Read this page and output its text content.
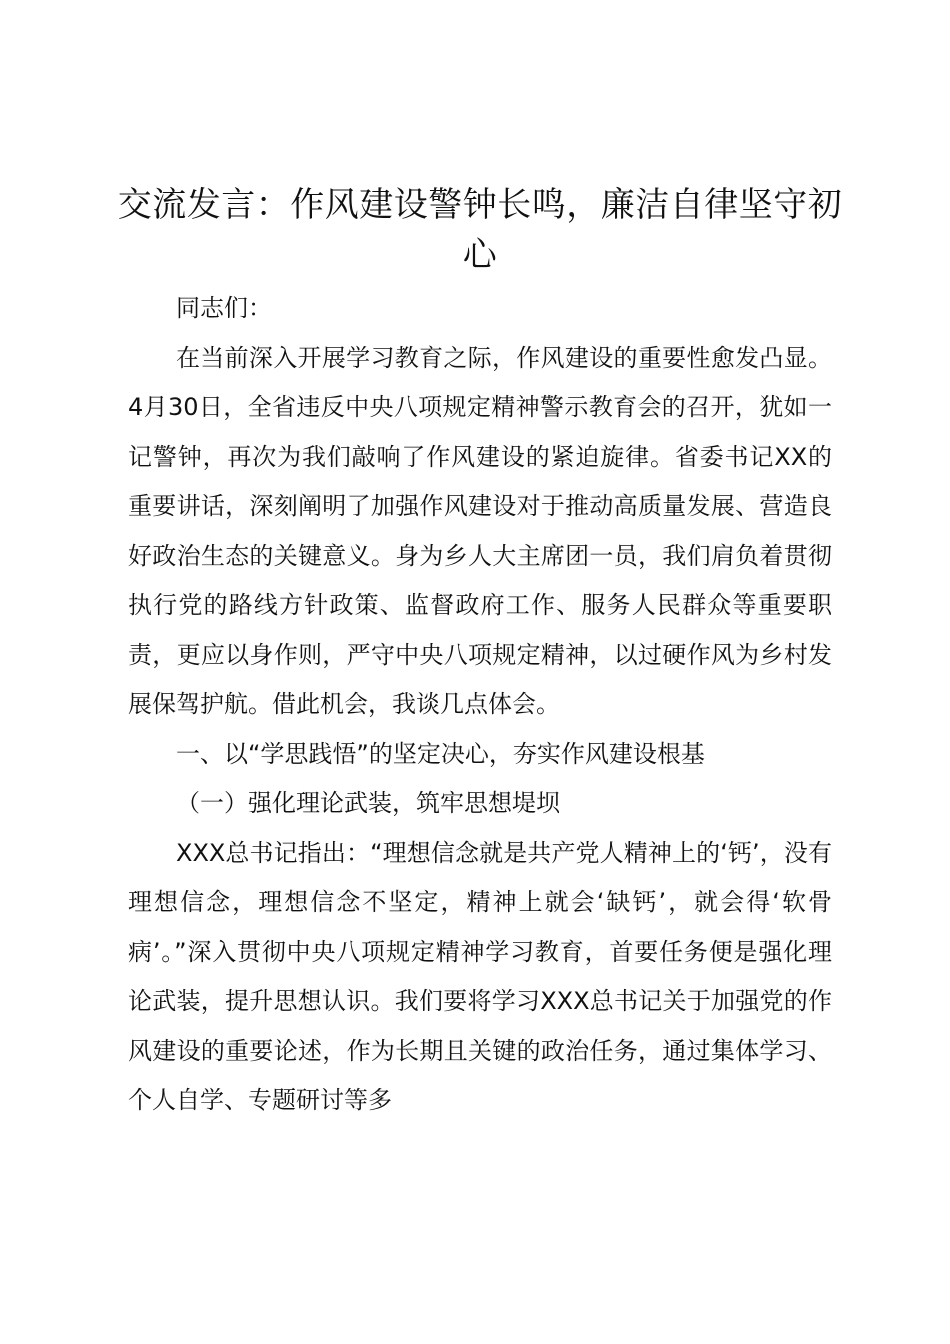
交流发言：作风建设警钟长鸣，廉洁自律坚守初心

同志们：

在当前深入开展学习教育之际，作风建设的重要性愈发凸显。4月30日，全省违反中央八项规定精神警示教育会的召开，犹如一记警钟，再次为我们敲响了作风建设的紧迫旋律。省委书记XX的重要讲话，深刻阐明了加强作风建设对于推动高质量发展、营造良好政治生态的关键意义。身为乡人大主席团一员，我们肩负着贯彻执行党的路线方针政策、监督政府工作、服务人民群众等重要职责，更应以身作则，严守中央八项规定精神，以过硬作风为乡村发展保驾护航。借此机会，我谈几点体会。

一、以“学思践悟”的坚定决心，夯实作风建设根基

（一）强化理论武装，筑牢思想堤坝

XXX总书记指出：“理想信念就是共产党人精神上的‘钙’，没有理想信念，理想信念不坚定，精神上就会‘缺钙’，就会得‘软骨病’。”深入贯彻中央八项规定精神学习教育，首要任务便是强化理论武装，提升思想认识。我们要将学习XXX总书记关于加强党的作风建设的重要论述，作为长期且关键的政治任务，通过集体学习、个人自学、专题研讨等多
